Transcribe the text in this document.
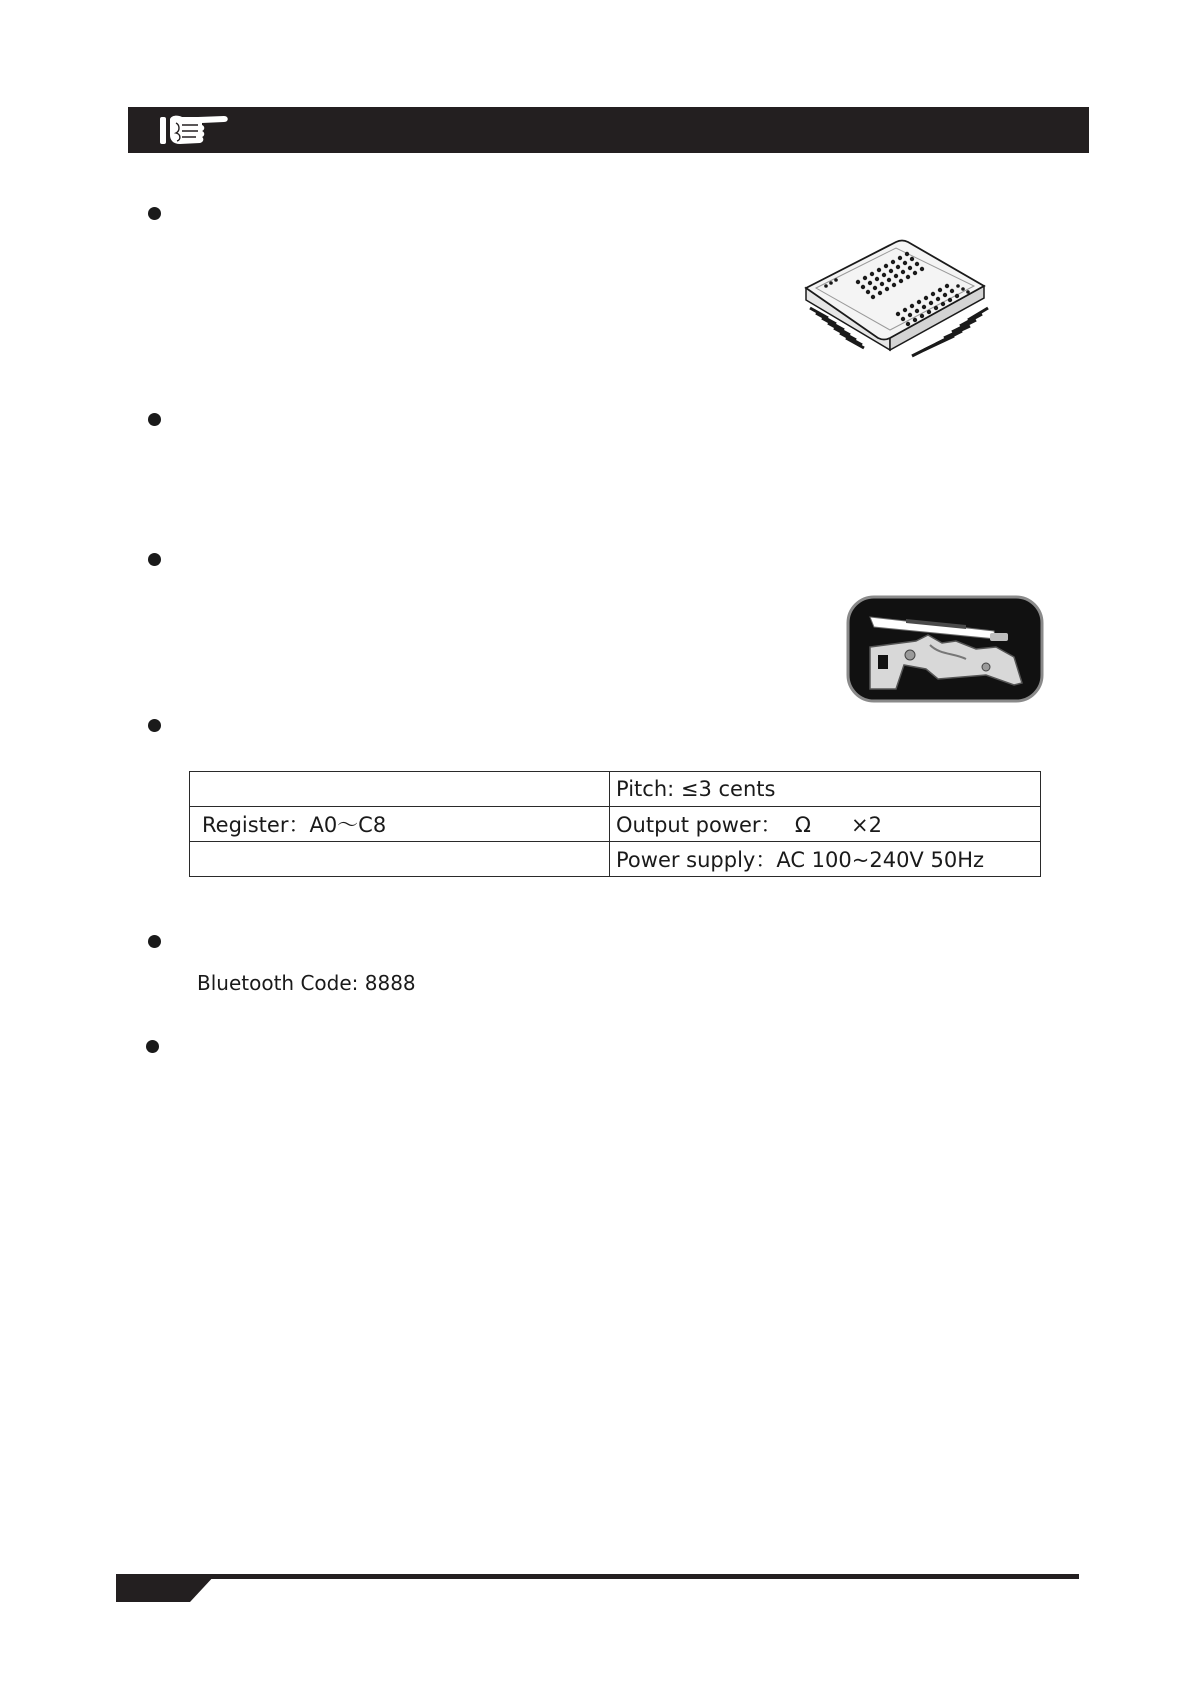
	Pitch: ≤3 cents
Register：A0～C8	Output power：  Ω      ×2
	Power supply：AC 100~240V 50Hz
Bluetooth Code: 8888
